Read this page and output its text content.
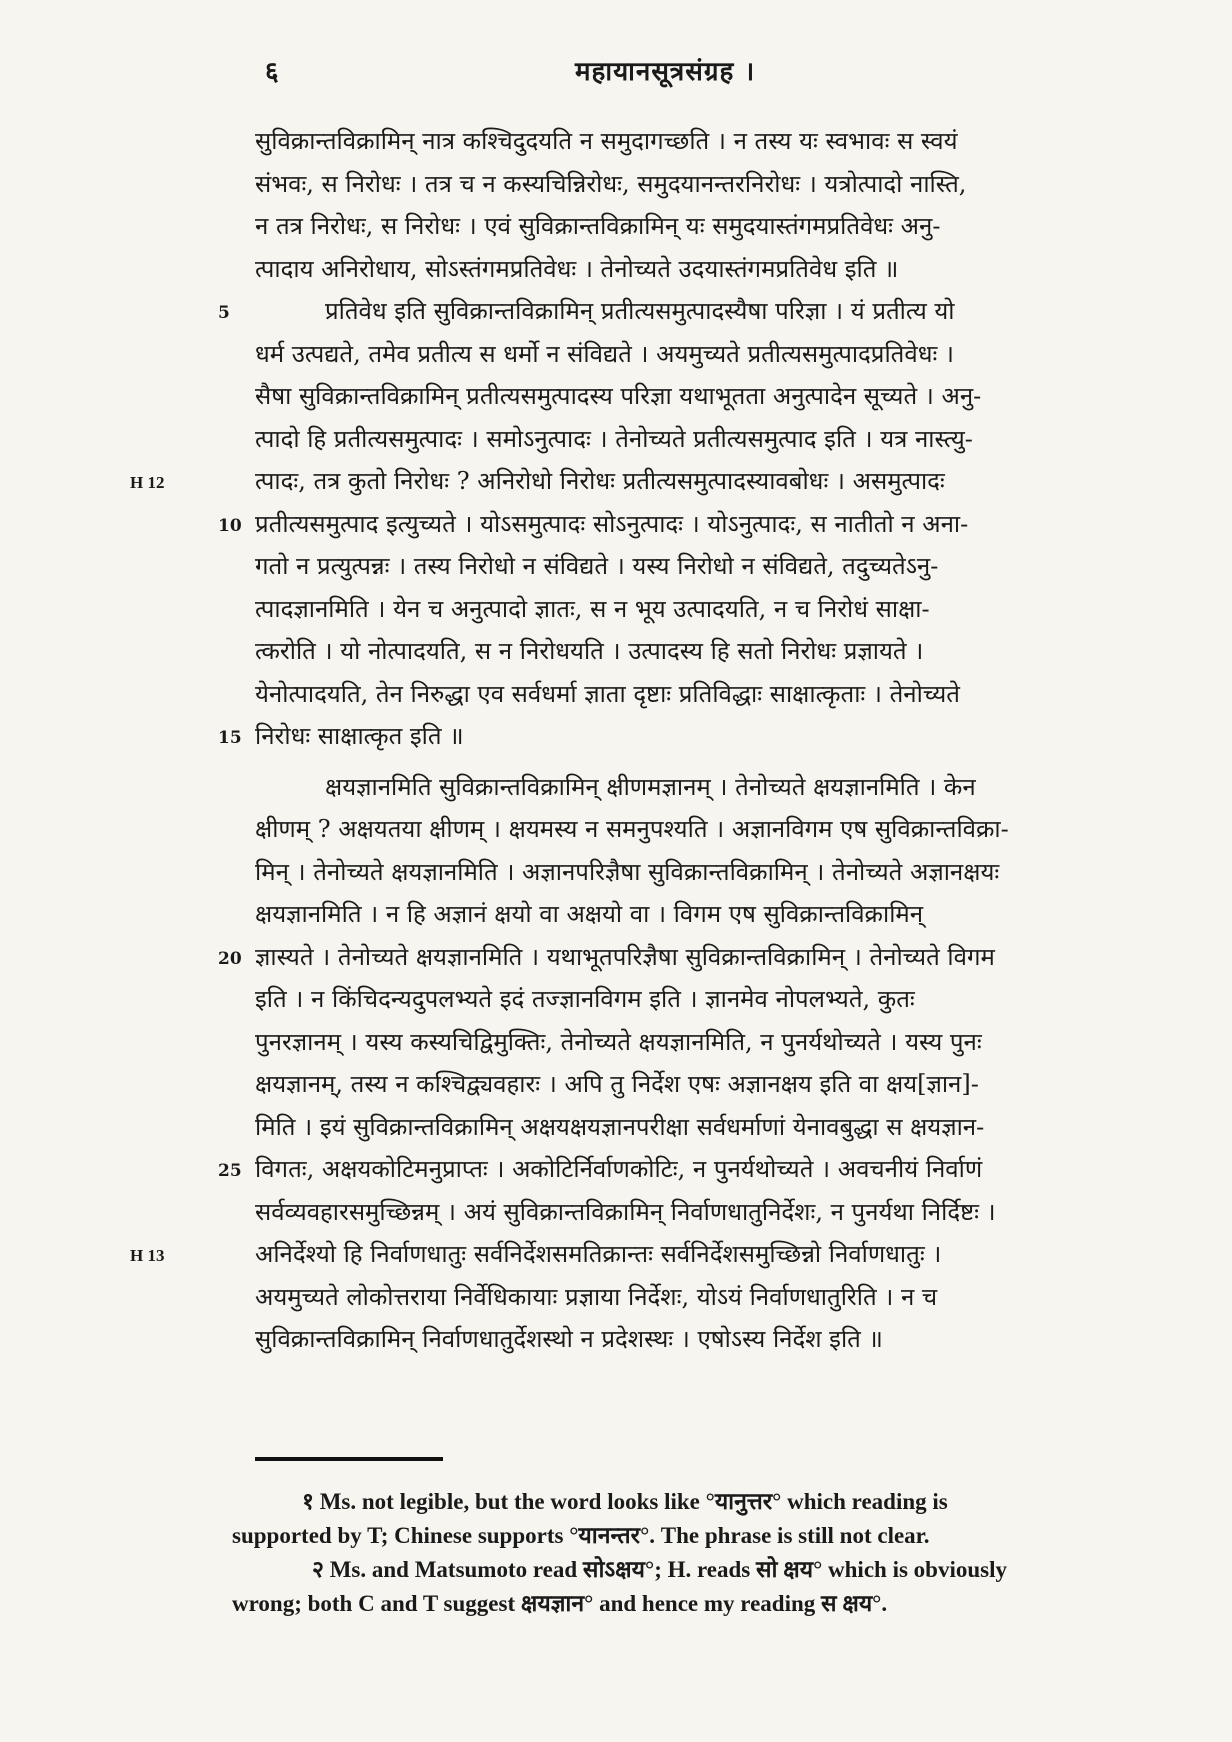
६	महायानसूत्रसंग्रह ।
सुविक्रान्तविक्रामिन् नात्र कश्चिदुदयति न समुदागच्छति । न तस्य यः स्वभावः स स्वयं
संभवः, स निरोधः । तत्र च न कस्यचिन्निरोधः, समुदयानन्तरनिरोधः । यत्रोत्पादो नास्ति,
न तत्र निरोधः, स निरोधः । एवं सुविक्रान्तविक्रामिन् यः समुदयास्तंगमप्रतिवेधः अनु-
त्पादाय अनिरोधाय, सोऽस्तंगमप्रतिवेधः । तेनोच्यते उदयास्तंगमप्रतिवेध इति ॥
5	प्रतिवेध इति सुविक्रान्तविक्रामिन् प्रतीत्यसमुत्पादस्यैषा परिज्ञा । यं प्रतीत्य यो
धर्म उत्पद्यते, तमेव प्रतीत्य स धर्मो न संविद्यते । अयमुच्यते प्रतीत्यसमुत्पादप्रतिवेधः ।
सैषा सुविक्रान्तविक्रामिन् प्रतीत्यसमुत्पादस्य परिज्ञा यथाभूतता अनुत्पादेन सूच्यते । अनु-
त्पादो हि प्रतीत्यसमुत्पादः । समोऽनुत्पादः । तेनोच्यते प्रतीत्यसमुत्पाद इति । यत्र नास्त्यु-
H 12	त्पादः, तत्र कुतो निरोधः ? अनिरोधो निरोधः प्रतीत्यसमुत्पादस्यावबोधः । असमुत्पादः
10 प्रतीत्यसमुत्पाद इत्युच्यते । योऽसमुत्पादः सोऽनुत्पादः । योऽनुत्पादः, स नातीतो न अना-
गतो न प्रत्युत्पन्नः । तस्य निरोधो न संविद्यते । यस्य निरोधो न संविद्यते, तदुच्यतेऽनु-
त्पादज्ञानमिति । येन च अनुत्पादो ज्ञातः, स न भूय उत्पादयति, न च निरोधं साक्षा-
त्करोति । यो नोत्पादयति, स न निरोधयति । उत्पादस्य हि सतो निरोधः प्रज्ञायते ।
येनोत्पादयति, तेन निरुद्धा एव सर्वधर्मा ज्ञाता दृष्टाः प्रतिविद्धाः साक्षात्कृताः । तेनोच्यते
15 निरोधः साक्षात्कृत इति ॥
क्षयज्ञानमिति सुविक्रान्तविक्रामिन् क्षीणमज्ञानम् । तेनोच्यते क्षयज्ञानमिति । केन
क्षीणम् ? अक्षयतया क्षीणम् । क्षयमस्य न समनुपश्यति । अज्ञानविगम एष सुविक्रान्तविक्रा-
मिन् । तेनोच्यते क्षयज्ञानमिति । अज्ञानपरिज्ञैषा सुविक्रान्तविक्रामिन् । तेनोच्यते अज्ञानक्षयः
क्षयज्ञानमिति । न हि अज्ञानं क्षयो वा अक्षयो वा । विगम एष सुविक्रान्तविक्रामिन्
20 ज्ञास्यते । तेनोच्यते क्षयज्ञानमिति । यथाभूतपरिज्ञैषा सुविक्रान्तविक्रामिन् । तेनोच्यते विगम
इति । न किंचिदन्यदुपलभ्यते इदं तज्ज्ञानविगम इति । ज्ञानमेव नोपलभ्यते, कुतः
पुनरज्ञानम् । यस्य कस्यचिद्विमुक्तिः, तेनोच्यते क्षयज्ञानमिति, न पुनर्यथोच्यते । यस्य पुनः
क्षयज्ञानम्, तस्य न कश्चिद्व्यवहारः । अपि तु निर्देश एषः अज्ञानक्षय इति वा क्षय[ज्ञान]-
मिति । इयं सुविक्रान्तविक्रामिन् अक्षयक्षयज्ञानपरीक्षा सर्वधर्माणां येनावबुद्धा स क्षयज्ञान-
25 विगतः, अक्षयकोटिमनुप्राप्तः । अकोटिर्निर्वाणकोटिः, न पुनर्यथोच्यते । अवचनीयं निर्वाणं
सर्वव्यवहारसमुच्छिन्नम् । अयं सुविक्रान्तविक्रामिन् निर्वाणधातुनिर्देशः, न पुनर्यथा निर्दिष्टः ।
H 13	अनिर्देश्यो हि निर्वाणधातुः सर्वनिर्देशसमतिक्रान्तः सर्वनिर्देशसमुच्छिन्नो निर्वाणधातुः ।
अयमुच्यते लोकोत्तराया निर्वेधिकायाः प्रज्ञाया निर्देशः, योऽयं निर्वाणधातुरिति । न च
सुविक्रान्तविक्रामिन् निर्वाणधातुर्देशस्थो न प्रदेशस्थः । एषोऽस्य निर्देश इति ॥
१ Ms. not legible, but the word looks like °यानुत्तर° which reading is
supported by T; Chinese supports °यानन्तर°. The phrase is still not clear.
२ Ms. and Matsumoto read सोऽक्षय°; H. reads सो क्षय° which is obviously
wrong; both C and T suggest क्षयज्ञान° and hence my reading स क्षय°.
